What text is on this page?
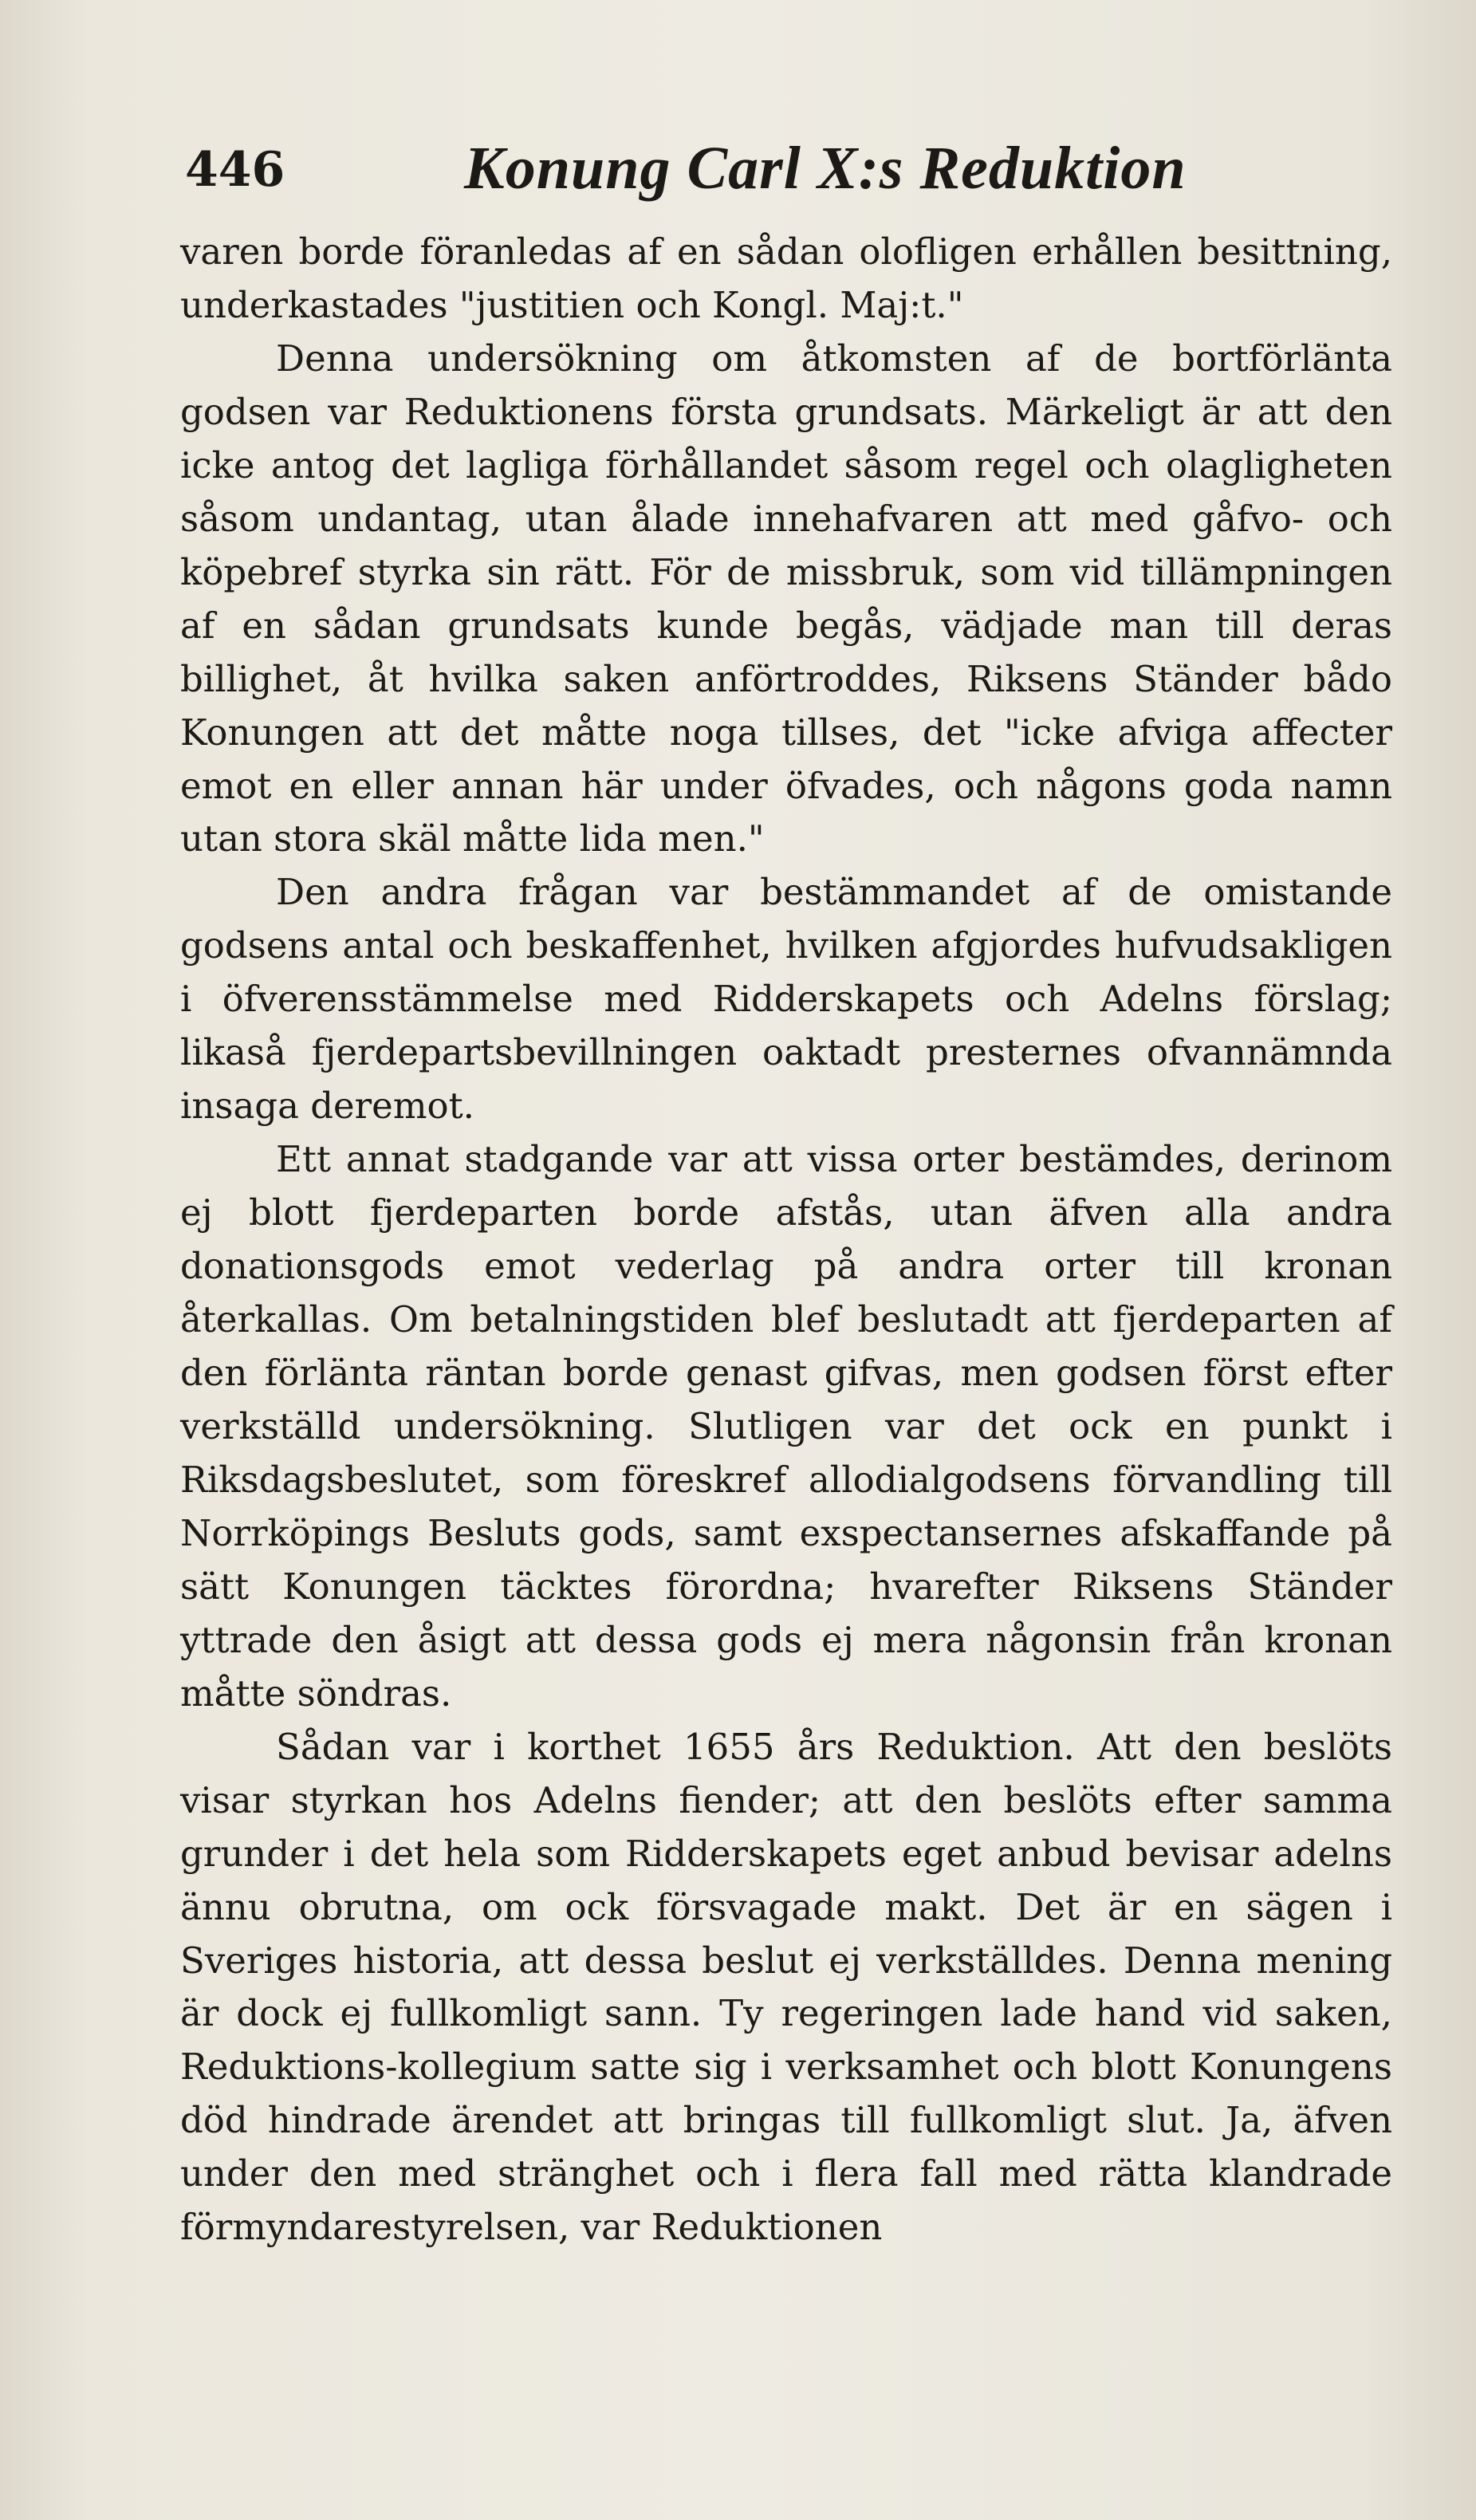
446	Konung Carl X:s Reduktion

varen borde föranledas af en sådan olofligen erhållen besittning, underkastades "justitien och Kongl. Maj:t."

Denna undersökning om åtkomsten af de bortförlänta godsen var Reduktionens första grundsats. Märkeligt är att den icke antog det lagliga förhållandet såsom regel och olagligheten såsom undantag, utan ålade innehafvaren att med gåfvo- och köpebref styrka sin rätt. För de missbruk, som vid tillämpningen af en sådan grundsats kunde begås, vädjade man till deras billighet, åt hvilka saken anförtroddes, Riksens Ständer bådo Konungen att det måtte noga tillses, det "icke afviga affecter emot en eller annan här under öfvades, och någons goda namn utan stora skäl måtte lida men."

Den andra frågan var bestämmandet af de omistande godsens antal och beskaffenhet, hvilken afgjordes hufvudsakligen i öfverensstämmelse med Ridderskapets och Adelns förslag; likaså fjerdepartsbevillningen oaktadt presternes ofvannämnda insaga deremot.

Ett annat stadgande var att vissa orter bestämdes, derinom ej blott fjerdeparten borde afstås, utan äfven alla andra donationsgods emot vederlag på andra orter till kronan återkallas. Om betalningstiden blef beslutadt att fjerdeparten af den förlänta räntan borde genast gifvas, men godsen först efter verkställd undersökning. Slutligen var det ock en punkt i Riksdagsbeslutet, som föreskref allodialgodsens förvandling till Norrköpings Besluts gods, samt exspectansernes afskaffande på sätt Konungen täcktes förordna; hvarefter Riksens Ständer yttrade den åsigt att dessa gods ej mera någonsin från kronan måtte söndras.

Sådan var i korthet 1655 års Reduktion. Att den beslöts visar styrkan hos Adelns fiender; att den beslöts efter samma grunder i det hela som Ridderskapets eget anbud bevisar adelns ännu obrutna, om ock försvagade makt. Det är en sägen i Sveriges historia, att dessa beslut ej verkställdes. Denna mening är dock ej fullkomligt sann. Ty regeringen lade hand vid saken, Reduktions-kollegium satte sig i verksamhet och blott Konungens död hindrade ärendet att bringas till fullkomligt slut. Ja, äfven under den med stränghet och i flera fall med rätta klandrade förmyndarestyrelsen, var Reduktionen
